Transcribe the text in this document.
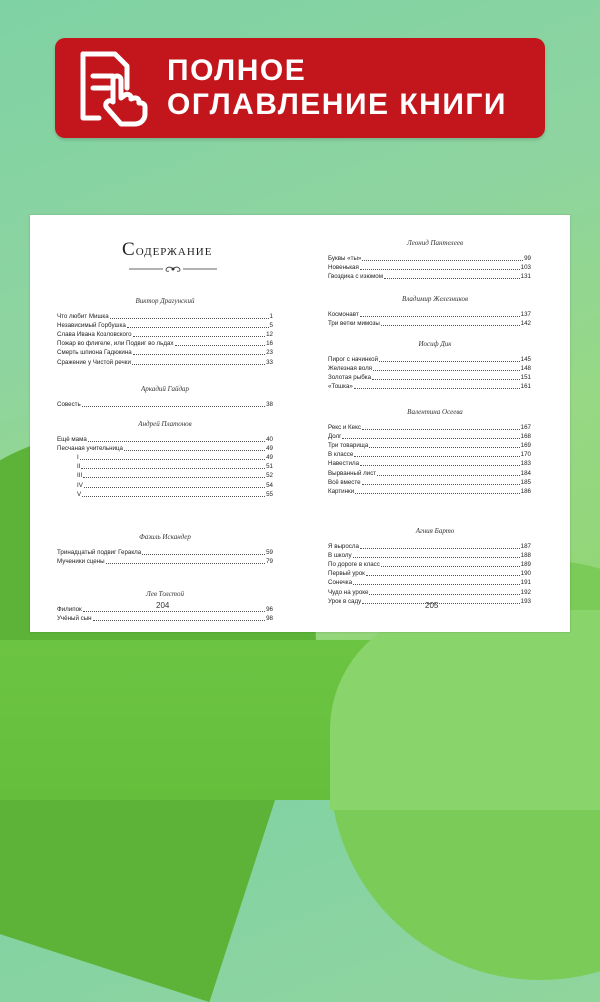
ПОЛНОЕ
ОГЛАВЛЕНИЕ КНИГИ
Содержание
Виктор Драгунский
Что любит Мишка	1
Независимый Горбушка	5
Слава Ивана Козловского	12
Пожар во флигеле, или Подвиг во льдах	16
Смерть шпиона Гадюкина	23
Сражение у Чистой речки	33
Аркадий Гайдар
Совесть	38
Андрей Платонов
Ещё мама	40
Песчаная учительница	49
I	49
II	51
III	52
IV	54
V	55
Фазиль Искандер
Тринадцатый подвиг Геракла	59
Мученики сцены	79
Лев Толстой
Филипок	96
Учёный сын	98
204
Леонид Пантелеев
Буквы «ты»	99
Новенькая	103
Гвоздика с изюмом	131
Владимир Железников
Космонавт	137
Три ветки мимозы	142
Иосиф Дик
Пирог с начинкой	145
Железная воля	148
Золотая рыбка	151
«Тошка»	161
Валентина Осеева
Рекс и Кекс	167
Долг	168
Три товарища	169
В классе	170
Навестила	183
Вырванный лист	184
Всё вместе	185
Картинки	186
Агния Барто
Я выросла	187
В школу	188
По дороге в класс	189
Первый урок	190
Сонечка	191
Чудо на уроке	192
Урок в саду	193
205
